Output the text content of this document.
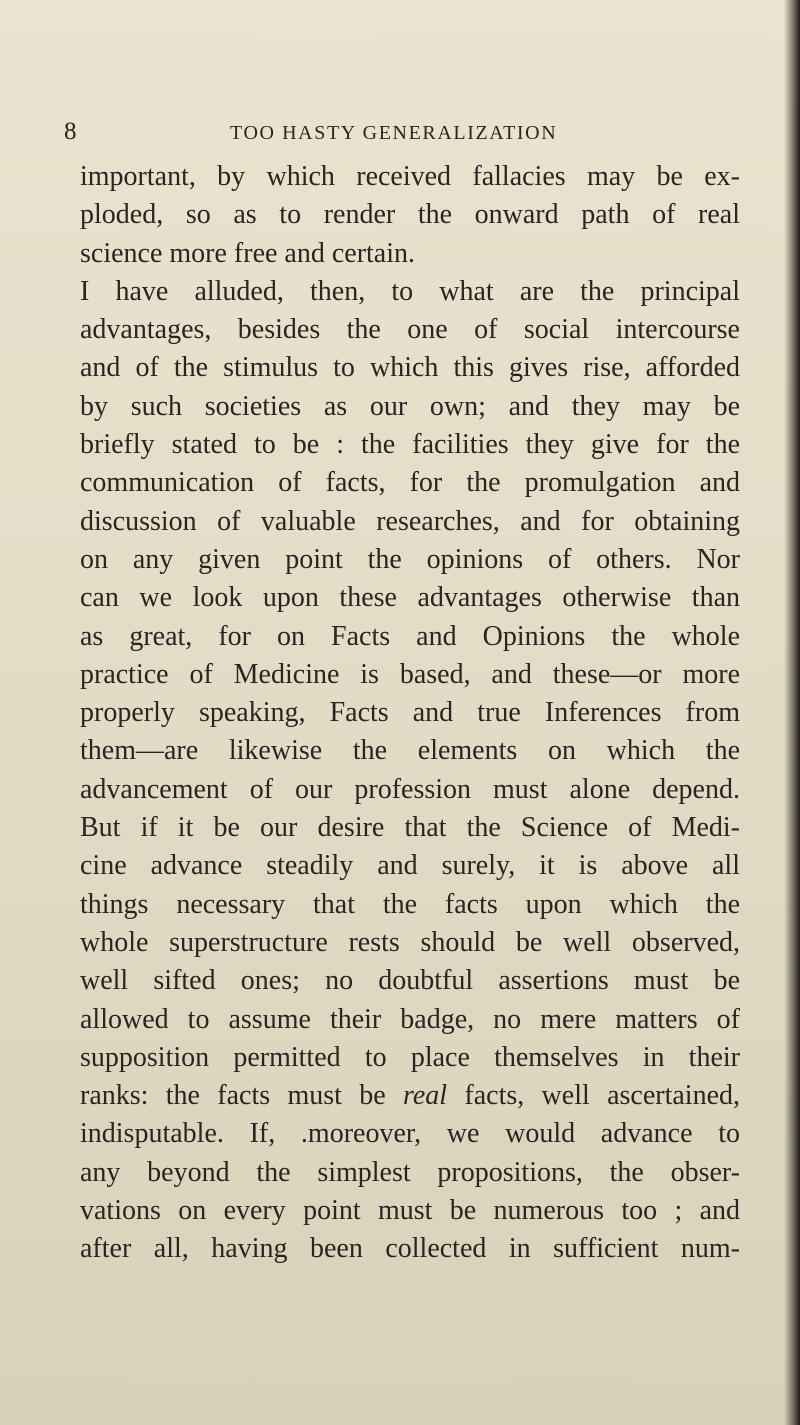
8	TOO HASTY GENERALIZATION
important, by which received fallacies may be ex-
ploded, so as to render the onward path of real
science more free and certain.
I have alluded, then, to what are the principal
advantages, besides the one of social intercourse
and of the stimulus to which this gives rise, afforded
by such societies as our own; and they may be
briefly stated to be : the facilities they give for the
communication of facts, for the promulgation and
discussion of valuable researches, and for obtaining
on any given point the opinions of others. Nor
can we look upon these advantages otherwise than
as great, for on Facts and Opinions the whole
practice of Medicine is based, and these—or more
properly speaking, Facts and true Inferences from
them—are likewise the elements on which the
advancement of our profession must alone depend.
But if it be our desire that the Science of Medi-
cine advance steadily and surely, it is above all
things necessary that the facts upon which the
whole superstructure rests should be well observed,
well sifted ones; no doubtful assertions must be
allowed to assume their badge, no mere matters of
supposition permitted to place themselves in their
ranks: the facts must be real facts, well ascertained,
indisputable. If, .moreover, we would advance to
any beyond the simplest propositions, the obser-
vations on every point must be numerous too ; and
after all, having been collected in sufficient num-
